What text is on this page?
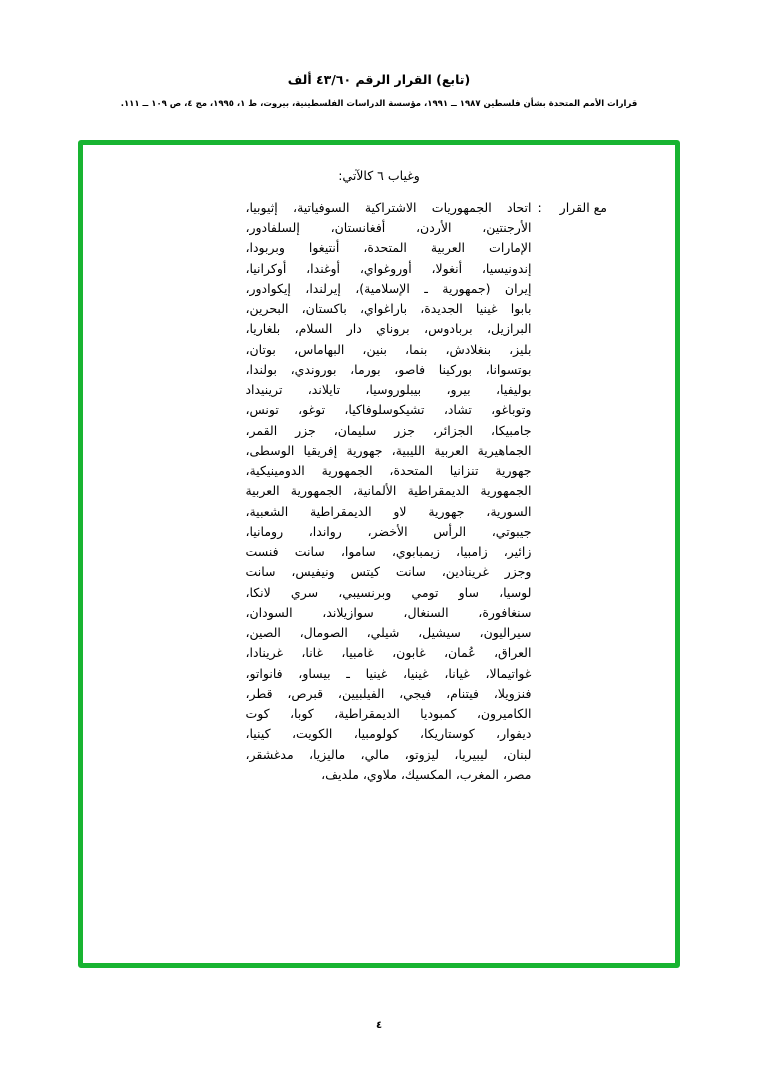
(تابع) القرار الرقم ٤٣/٦٠ ألف
قرارات الأمم المتحدة بشأن فلسطين ١٩٨٧ ــ ١٩٩١، مؤسسة الدراسات الفلسطينية، بيروت، ط ١، ١٩٩٥، مج ٤، ص ١٠٩ ــ ١١١.
وغياب ٦ كالآتي:
مع القرار:
اتحاد الجمهوريات الاشتراكية السوفياتية، إثيوبيا،
الأرجنتين، الأردن، أفغانستان، إلسلفادور،
الإمارات العربية المتحدة، أنتيغوا وبربودا،
إندونيسيا، أنغولا، أوروغواي، أوغندا، أوكرانيا،
إيران (جمهورية ـ الإسلامية)، إيرلندا، إيكوادور،
بابوا غينيا الجديدة، باراغواي، باكستان، البحرين،
البرازيل، بربادوس، بروناي دار السلام، بلغاريا،
بليز، بنغلادش، بنما، بنين، البهاماس، بوتان،
بوتسوانا، بوركينا فاصو، بورما، بوروندي، بولندا،
بوليفيا، بيرو، بيبلوروسيا، تايلاند، ترينيداد
وتوباغو، تشاد، تشيكوسلوفاكيا، توغو، تونس،
جامبيكا، الجزائر، جزر سليمان، جزر القمر،
الجماهيرية العربية الليبية، جهورية إفريقيا الوسطى،
جهورية تنزانيا المتحدة، الجمهورية الدومينيكية،
الجمهورية الديمقراطية الألمانية، الجمهورية العربية
السورية، جهورية لاو الديمقراطية الشعبية،
جيبوتي، الرأس الأخضر، رواندا، رومانيا،
زائير، زامبيا، زيمبابوي، ساموا، سانت فنست
وجزر غرينادين، سانت كيتس ونيفيس، سانت
لوسيا، ساو تومي وبرنسيبي، سري لانكا،
سنغافورة، السنغال، سوازيلاند، السودان،
سيراليون، سيشيل، شيلي، الصومال، الصين،
العراق، عُمان، غابون، غامبيا، غانا، غرينادا،
غواتيمالا، غيانا، غينيا، غينيا ـ بيساو، فانواتو،
فنزويلا، فيتنام، فيجي، الفيلبيين، قبرص، قطر،
الكاميرون، كمبوديا الديمقراطية، كوبا، كوت
ديفوار، كوستاريكا، كولومبيا، الكويت، كينيا،
لبنان، ليبيريا، ليزوتو، مالي، ماليزيا، مدغشقر،
مصر، المغرب، المكسيك، ملاوي، ملديف،
٤
